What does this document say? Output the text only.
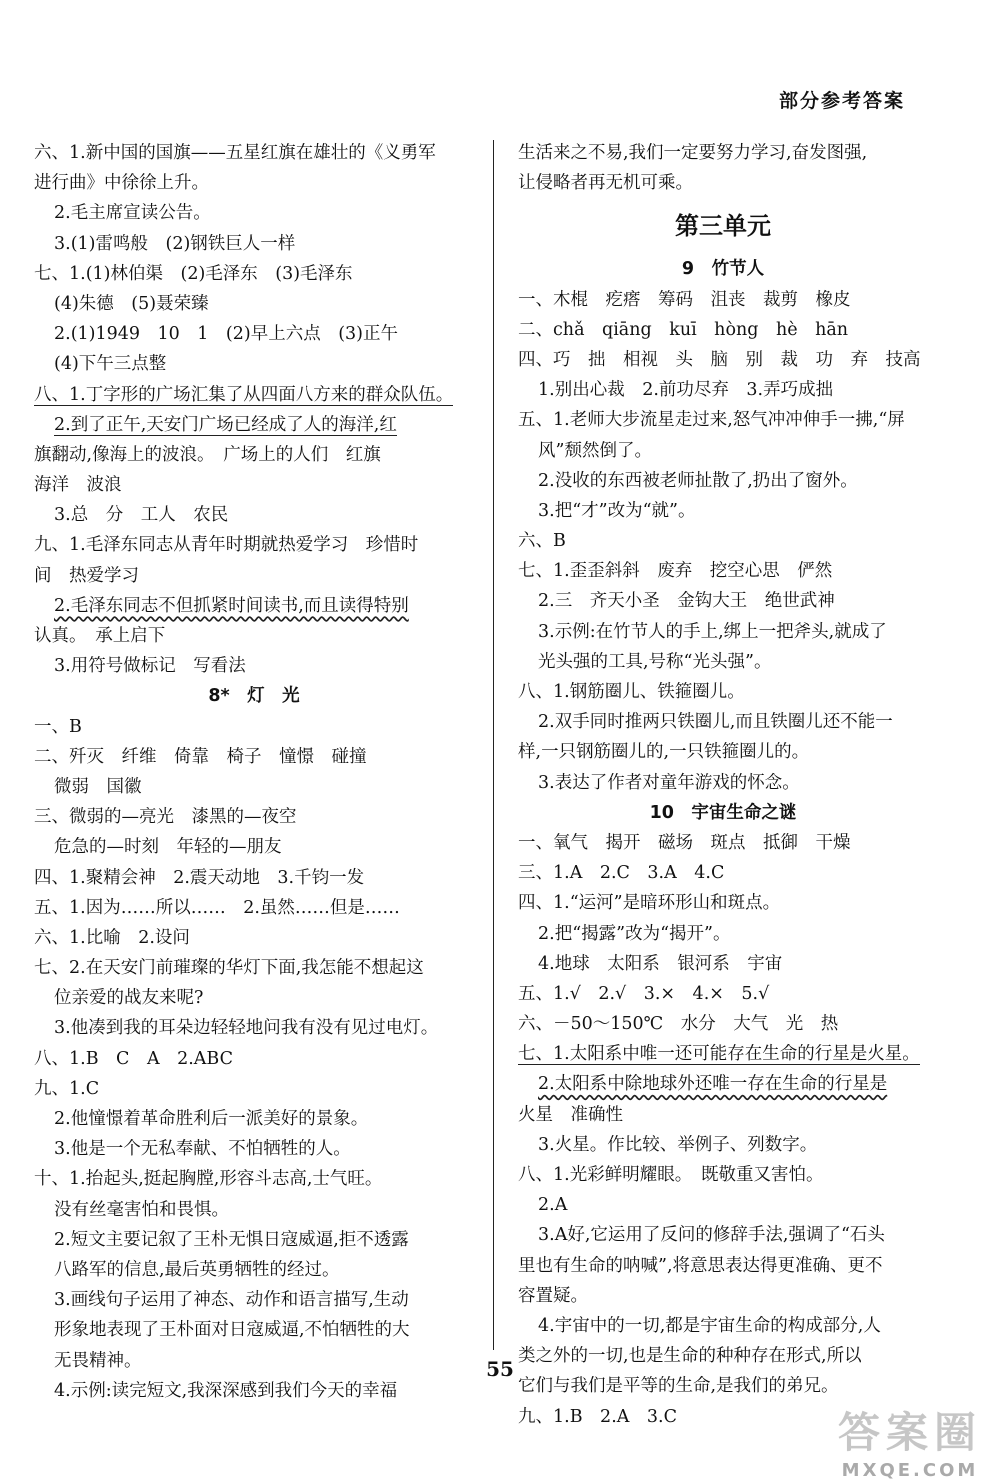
部分参考答案
六、1.新中国的国旗——五星红旗在雄壮的《义勇军
进行曲》中徐徐上升。
2.毛主席宣读公告。
3.(1)雷鸣般　(2)钢铁巨人一样
七、1.(1)林伯渠　(2)毛泽东　(3)毛泽东
(4)朱德　(5)聂荣臻
2.(1)1949　10　1　(2)早上六点　(3)正午
(4)下午三点整
八、1.丁字形的广场汇集了从四面八方来的群众队伍。
2.到了正午,天安门广场已经成了人的海洋,红
旗翻动,像海上的波浪。　广场上的人们　红旗
海洋　波浪
3.总　分　工人　农民
九、1.毛泽东同志从青年时期就热爱学习　珍惜时
间　热爱学习
2.毛泽东同志不但抓紧时间读书,而且读得特别
认真。　承上启下
3.用符号做标记　写看法
8*　灯　光
一、B
二、歼灭　纤维　倚靠　椅子　憧憬　碰撞
微弱　国徽
三、微弱的—亮光　漆黑的—夜空
危急的—时刻　年轻的—朋友
四、1.聚精会神　2.震天动地　3.千钧一发
五、1.因为……所以……　2.虽然……但是……
六、1.比喻　2.设问
七、2.在天安门前璀璨的华灯下面,我怎能不想起这
位亲爱的战友来呢?
3.他凑到我的耳朵边轻轻地问我有没有见过电灯。
八、1.B　C　A　2.ABC
九、1.C
2.他憧憬着革命胜利后一派美好的景象。
3.他是一个无私奉献、不怕牺牲的人。
十、1.抬起头,挺起胸膛,形容斗志高,士气旺。
没有丝毫害怕和畏惧。
2.短文主要记叙了王朴无惧日寇威逼,拒不透露
八路军的信息,最后英勇牺牲的经过。
3.画线句子运用了神态、动作和语言描写,生动
形象地表现了王朴面对日寇威逼,不怕牺牲的大
无畏精神。
4.示例:读完短文,我深深感到我们今天的幸福
生活来之不易,我们一定要努力学习,奋发图强,
让侵略者再无机可乘。
第三单元
9　竹节人
一、木棍　疙瘩　筹码　沮丧　裁剪　橡皮
二、chǎ　qiāng　kuī　hòng　hè　hān
四、巧　拙　相视　头　脑　别　裁　功　弃　技高
1.别出心裁　2.前功尽弃　3.弄巧成拙
五、1.老师大步流星走过来,怒气冲冲伸手一拂,“屏
风”颓然倒了。
2.没收的东西被老师扯散了,扔出了窗外。
3.把“才”改为“就”。
六、B
七、1.歪歪斜斜　废弃　挖空心思　俨然
2.三　齐天小圣　金钩大王　绝世武神
3.示例:在竹节人的手上,绑上一把斧头,就成了
光头强的工具,号称“光头强”。
八、1.钢筋圈儿、铁箍圈儿。
2.双手同时推两只铁圈儿,而且铁圈儿还不能一
样,一只钢筋圈儿的,一只铁箍圈儿的。
3.表达了作者对童年游戏的怀念。
10　宇宙生命之谜
一、氧气　揭开　磁场　斑点　抵御　干燥
三、1.A　2.C　3.A　4.C
四、1.“运河”是暗环形山和斑点。
2.把“揭露”改为“揭开”。
4.地球　太阳系　银河系　宇宙
五、1.√　2.√　3.×　4.×　5.√
六、－50～150℃　水分　大气　光　热
七、1.太阳系中唯一还可能存在生命的行星是火星。
2.太阳系中除地球外还唯一存在生命的行星是
火星　准确性
3.火星。作比较、举例子、列数字。
八、1.光彩鲜明耀眼。　既敬重又害怕。
2.A
3.A好,它运用了反问的修辞手法,强调了“石头
里也有生命的呐喊”,将意思表达得更准确、更不
容置疑。
4.宇宙中的一切,都是宇宙生命的构成部分,人
类之外的一切,也是生命的种种存在形式,所以
它们与我们是平等的生命,是我们的弟兄。
九、1.B　2.A　3.C
55
答案圈
MXQE.COM
